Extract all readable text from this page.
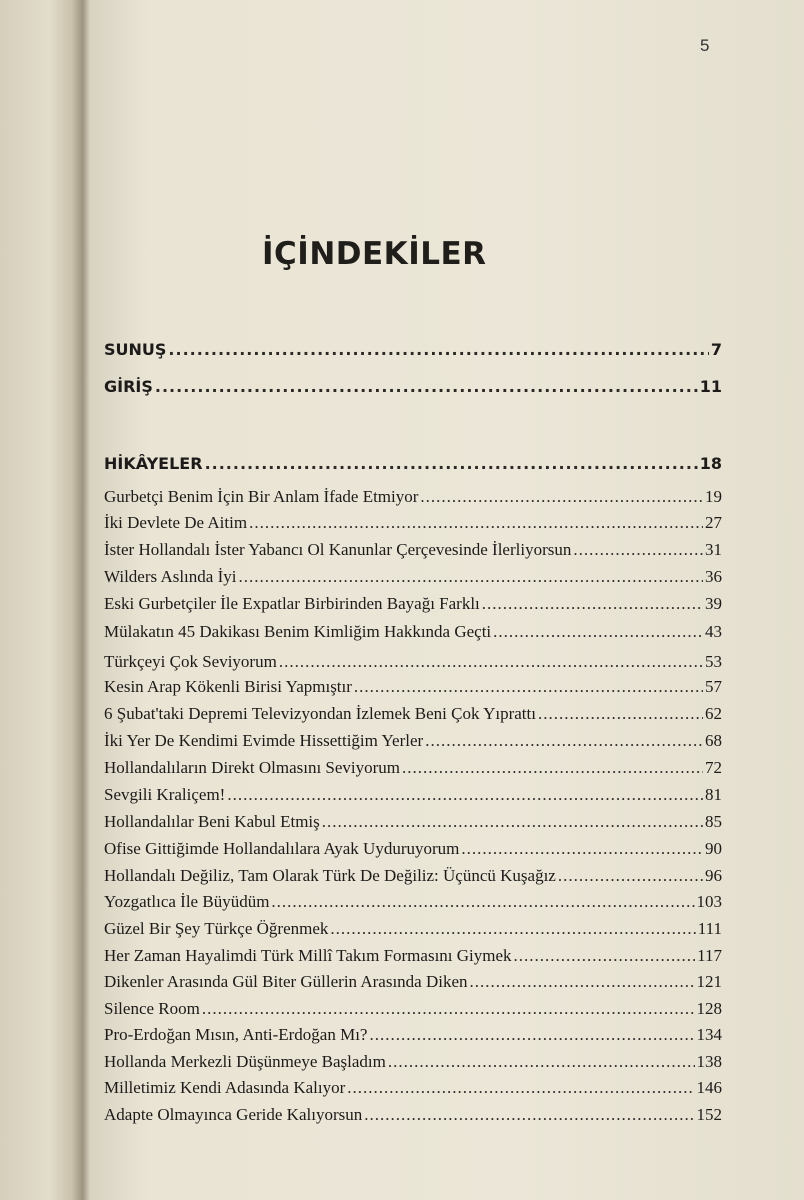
5
İÇİNDEKİLER
SUNUŞ .....	7
GİRİŞ .....	11
HİKÂYELER .....	18
Gurbetçi Benim İçin Bir Anlam İfade Etmiyor .....	19
İki Devlete De Aitim .....	27
İster Hollandalı İster Yabancı Ol Kanunlar Çerçevesinde İlerliyorsun .....	31
Wilders Aslında İyi .....	36
Eski Gurbetçiler İle Expatlar Birbirinden Bayağı Farklı .....	39
Mülakatın 45 Dakikası Benim Kimliğim Hakkında Geçti .....	43
Türkçeyi Çok Seviyorum .....	53
Kesin Arap Kökenli Birisi Yapmıştır .....	57
6 Şubat'taki Depremi Televizyondan İzlemek Beni Çok Yıprattı .....	62
İki Yer De Kendimi Evimde Hissettiğim Yerler .....	68
Hollandalıların Direkt Olmasını Seviyorum .....	72
Sevgili Kraliçem! .....	81
Hollandalılar Beni Kabul Etmiş .....	85
Ofise Gittiğimde Hollandalılara Ayak Uyduruyorum .....	90
Hollandalı Değiliz, Tam Olarak Türk De Değiliz: Üçüncü Kuşağız .....	96
Yozgatlıca İle Büyüdüm .....	103
Güzel Bir Şey Türkçe Öğrenmek .....	111
Her Zaman Hayalimdi Türk Millî Takım Formasını Giymek .....	117
Dikenler Arasında Gül Biter Güllerin Arasında Diken .....	121
Silence Room .....	128
Pro-Erdoğan Mısın, Anti-Erdoğan Mı? .....	134
Hollanda Merkezli Düşünmeye Başladım .....	138
Milletimiz Kendi Adasında Kalıyor .....	146
Adapte Olmayınca Geride Kalıyorsun .....	152
